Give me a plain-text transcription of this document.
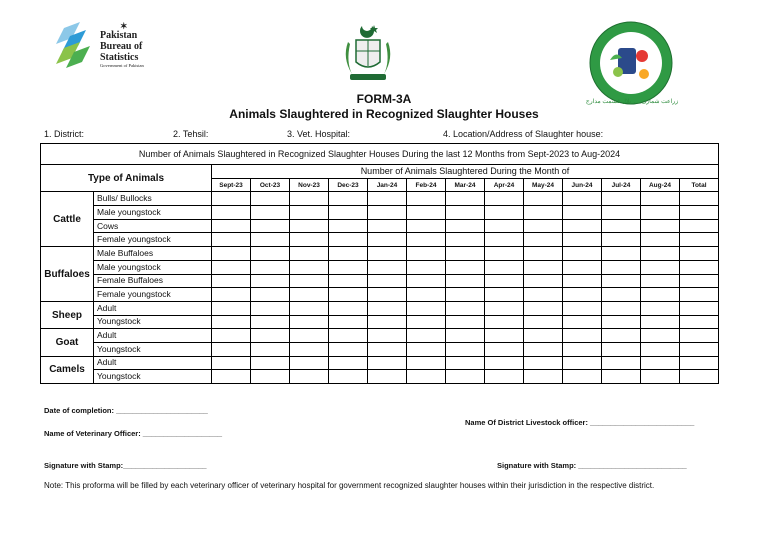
✶
Pakistan
Bureau of
Statistics
Government of Pakistan
زراعت شماری ۔۔ بلال قسمت مدارج
FORM-3A
Animals Slaughtered in Recognized Slaughter Houses
1. District:	2. Tehsil:	3. Vet. Hospital:	4. Location/Address of Slaughter house:
Number of Animals Slaughtered in Recognized Slaughter Houses During the last 12 Months from Sept-2023 to Aug-2024														
Type of Animals		Number of Animals Slaughtered During the Month of												
		Sept-23	Oct-23	Nov-23	Dec-23	Jan-24	Feb-24	Mar-24	Apr-24	May-24	Jun-24	Jul-24	Aug-24	Total
Cattle	Bulls/ Bullocks													
	Male youngstock													
	Cows													
	Female youngstock													
Buffaloes	Male Buffaloes													
	Male youngstock													
	Female Buffaloes													
	Female youngstock													
Sheep	Adult													
	Youngstock													
Goat	Adult													
	Youngstock													
Camels	Adult													
	Youngstock													
Date of completion: ______________________
Name Of District Livestock officer: _________________________
Name of Veterinary Officer: ___________________
Signature with Stamp:____________________	Signature with Stamp: __________________________
Note: This proforma will be filled by each veterinary officer of veterinary hospital for government recognized slaughter houses within their jurisdiction in the respective district.
